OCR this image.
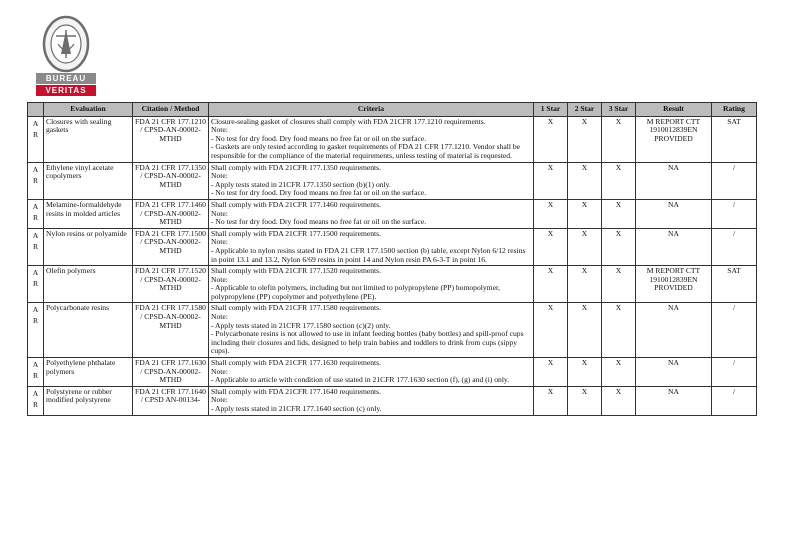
BUREAU
VERITAS
	Evaluation	Citation / Method	Criteria	1 Star	2 Star	3 Star	Result	Rating

A
R	Closures with sealing gaskets	FDA 21 CFR 177.1210 / CPSD-AN-00002-MTHD	Closure-sealing gasket of closures shall comply with FDA 21CFR 177.1210 requirements.
Note:
- No test for dry food. Dry food means no free fat or oil on the surface.
- Gaskets are only tested according to gasket requirements of FDA 21 CFR 177.1210. Vendor shall be responsible for the compliance of the material requirements, unless testing of material is requested.	X	X	X	M REPORT CTT 1910012839EN PROVIDED	SAT

A
R	Ethylene vinyl acetate copolymers	FDA 21 CFR 177.1350 / CPSD-AN-00002-MTHD	Shall comply with FDA 21CFR 177.1350 requirements.
Note:
- Apply tests stated in 21CFR 177.1350 section (b)(1) only.
- No test for dry food. Dry food means no free fat or oil on the surface.	X	X	X	NA	/

A
R	Melamine-formaldehyde resins in molded articles	FDA 21 CFR 177.1460 / CPSD-AN-00002-MTHD	Shall comply with FDA 21CFR 177.1460 requirements.
Note:
- No test for dry food. Dry food means no free fat or oil on the surface.	X	X	X	NA	/

A
R	Nylon resins or polyamide	FDA 21 CFR 177.1500 / CPSD-AN-00002-MTHD	Shall comply with FDA 21CFR 177.1500 requirements.
Note:
- Applicable to nylon resins stated in FDA 21 CFR 177.1500 section (b) table, except Nylon 6/12 resins in point 13.1 and 13.2, Nylon 6/69 resins in point 14 and Nylon resin PA 6-3-T in point 16.	X	X	X	NA	/

A
R	Olefin polymers	FDA 21 CFR 177.1520 / CPSD-AN-00002-MTHD	Shall comply with FDA 21CFR 177.1520 requirements.
Note:
- Applicable to olefin polymers, including but not limited to polypropylene (PP) homopolymer, polypropylene (PP) copolymer and polyethylene (PE).	X	X	X	M REPORT CTT 1910012839EN PROVIDED	SAT

A
R	Polycarbonate resins	FDA 21 CFR 177.1580 / CPSD-AN-00002-MTHD	Shall comply with FDA 21CFR 177.1580 requirements.
Note:
- Apply tests stated in 21CFR 177.1580 section (c)(2) only.
- Polycarbonate resins is not allowed to use in infant feeding bottles (baby bottles) and spill-proof cups including their closures and lids, designed to help train babies and toddlers to drink from cups (sippy cups).	X	X	X	NA	/

A
R	Polyethylene phthalate polymers	FDA 21 CFR 177.1630 / CPSD-AN-00002-MTHD	Shall comply with FDA 21CFR 177.1630 requirements.
Note:
- Applicable to article with condition of use stated in 21CFR 177.1630 section (f), (g) and (i) only.	X	X	X	NA	/

A
R	Polystyrene or rubber modified polystyrene	FDA 21 CFR 177.1640 / CPSD AN-00134-	Shall comply with FDA 21CFR 177.1640 requirements.
Note:
- Apply tests stated in 21CFR 177.1640 section (c) only.	X	X	X	NA	/
